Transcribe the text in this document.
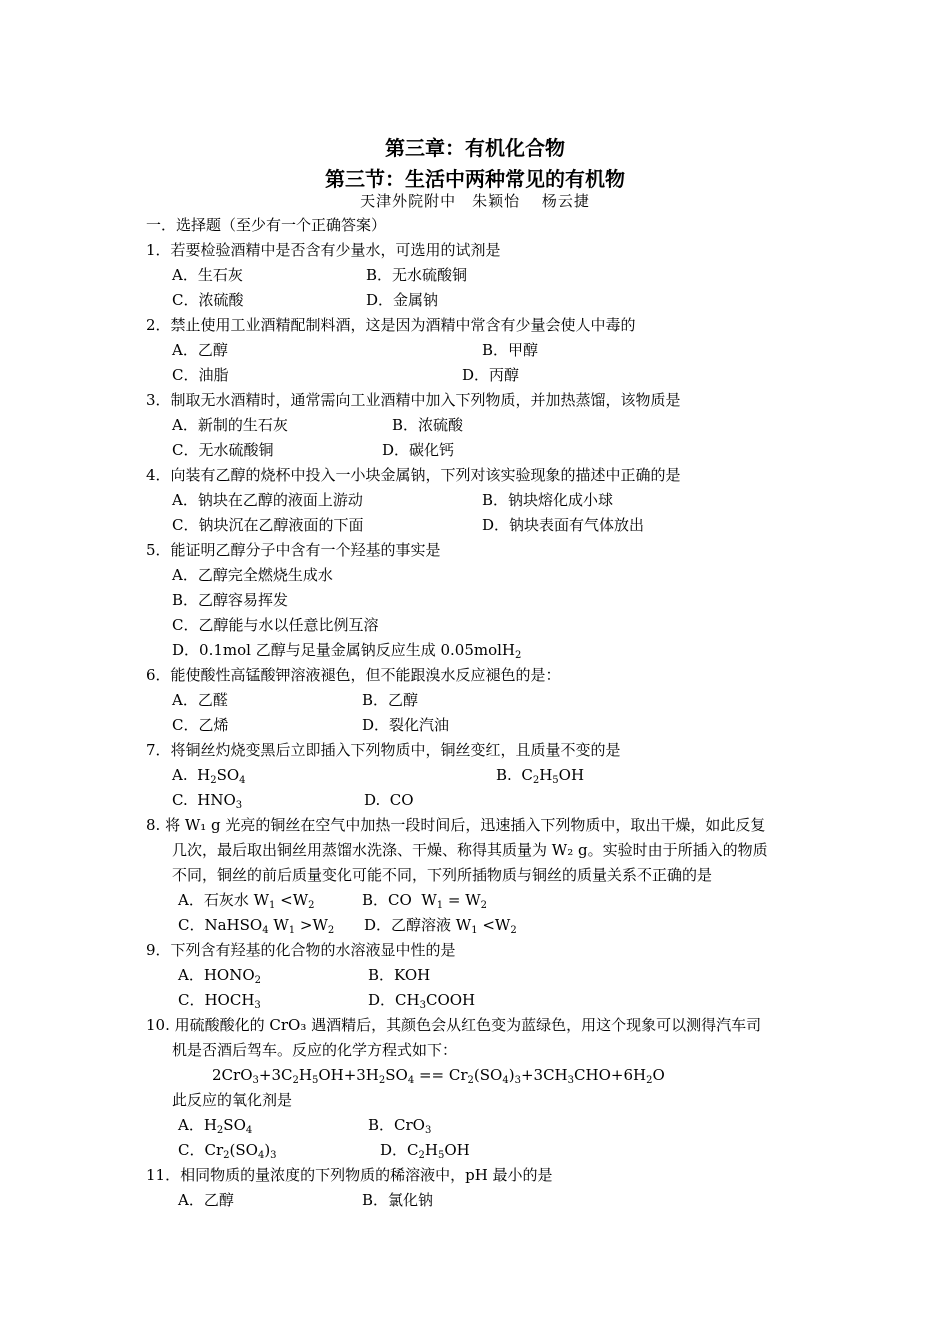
第三章：有机化合物
第三节：生活中两种常见的有机物
天津外院附中　朱颖怡　 杨云捷
一．选择题（至少有一个正确答案）
1．若要检验酒精中是否含有少量水，可选用的试剂是
A．生石灰	B．无水硫酸铜
C．浓硫酸	D．金属钠
2．禁止使用工业酒精配制料酒，这是因为酒精中常含有少量会使人中毒的
A．乙醇	B．甲醇
C．油脂	D．丙醇
3．制取无水酒精时，通常需向工业酒精中加入下列物质，并加热蒸馏，该物质是
A．新制的生石灰	B．浓硫酸
C．无水硫酸铜	D．碳化钙
4．向装有乙醇的烧杯中投入一小块金属钠，下列对该实验现象的描述中正确的是
A．钠块在乙醇的液面上游动	B．钠块熔化成小球
C．钠块沉在乙醇液面的下面	D．钠块表面有气体放出
5．能证明乙醇分子中含有一个羟基的事实是
A．乙醇完全燃烧生成水
B．乙醇容易挥发
C．乙醇能与水以任意比例互溶
D．0.1mol 乙醇与足量金属钠反应生成 0.05molH$_2$
6．能使酸性高锰酸钾溶液褪色，但不能跟溴水反应褪色的是：
A．乙醛	B．乙醇
C．乙烯	D．裂化汽油
7．将铜丝灼烧变黑后立即插入下列物质中，铜丝变红，且质量不变的是
A.  $H_2SO_4$	B.  $C_2H_5OH$
C.  $HNO_3$	D.  CO
8. 将 W₁ g 光亮的铜丝在空气中加热一段时间后，迅速插入下列物质中，取出干燥，如此反复
几次，最后取出铜丝用蒸馏水洗涤、干燥、称得其质量为 W₂ g。实验时由于所插入的物质
不同，铜丝的前后质量变化可能不同，下列所插物质与铜丝的质量关系不正确的是
A．石灰水 $W_1 <W_2$	B．CO  $W_1 = W_2$
C．NaHSO$_4$ $W_1 >W_2$ D．乙醇溶液 $W_1 <W_2$
9．下列含有羟基的化合物的水溶液显中性的是
A．$HONO_2$	B．KOH
C．$HOCH_3$	D．$CH_3COOH$
10. 用硫酸酸化的 CrO₃ 遇酒精后，其颜色会从红色变为蓝绿色，用这个现象可以测得汽车司
机是否酒后驾车。反应的化学方程式如下：
$2CrO_3+3C_2H_5OH+3H_2SO_4 == Cr_2(SO_4)_3+3CH_3CHO+6H_2O$
此反应的氧化剂是
A．$H_2SO_4$	B．CrO$_3$
C．$Cr_2(SO_4)_3$	D．$C_2H_5OH$
11．相同物质的量浓度的下列物质的稀溶液中，pH 最小的是
A．乙醇	B．氯化钠
